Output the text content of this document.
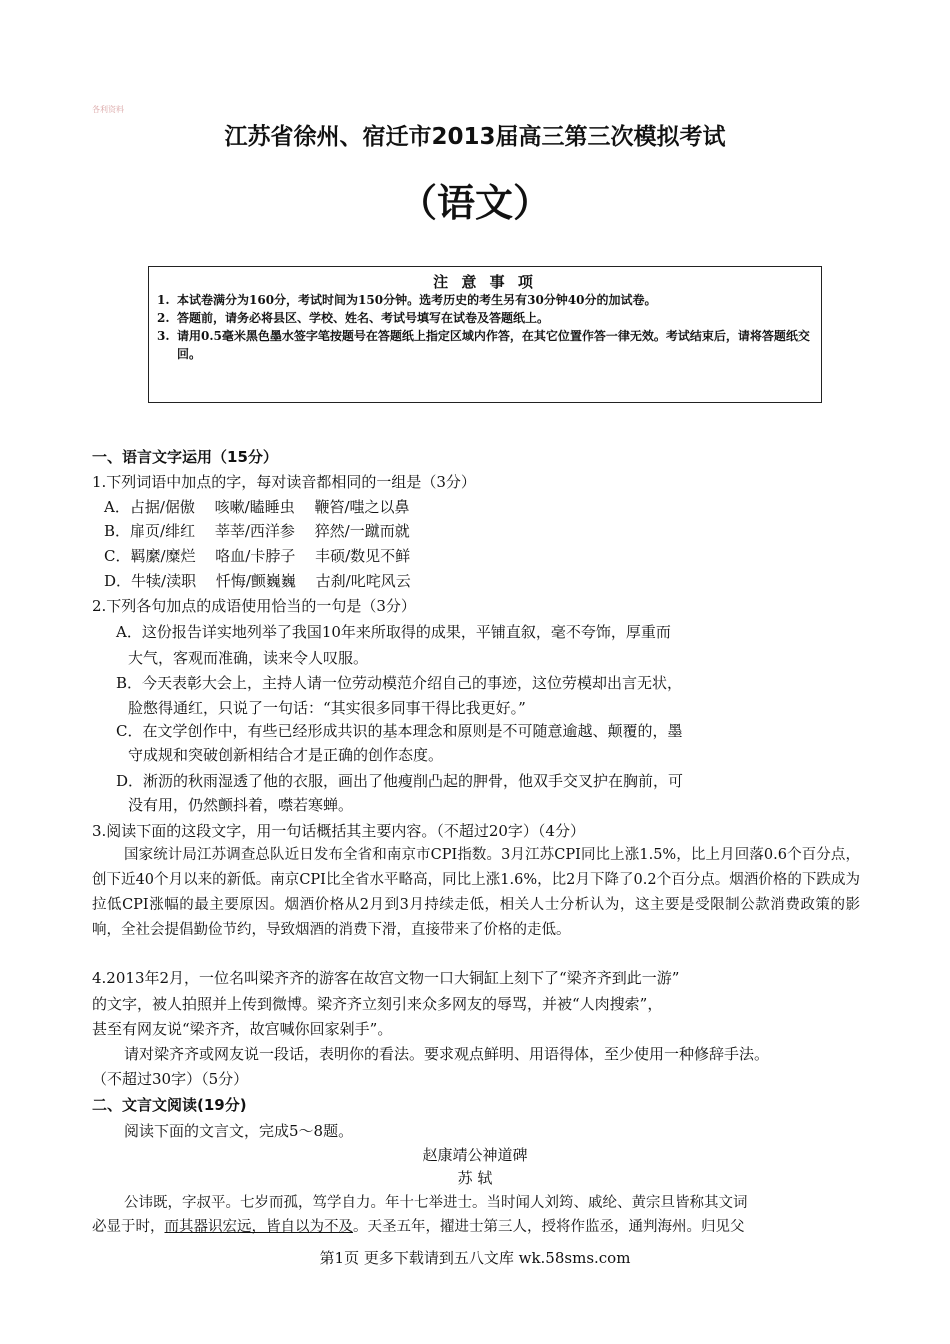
各利资料
江苏省徐州、宿迁市2013届高三第三次模拟考试
（语文）
注 意 事 项
1. 本试卷满分为160分，考试时间为150分钟。选考历史的考生另有30分钟40分的加试卷。
2. 答题前，请务必将县区、学校、姓名、考试号填写在试卷及答题纸上。
3. 请用0.5毫米黑色墨水签字笔按题号在答题纸上指定区域内作答，在其它位置作答一律无效。考试结束后，请将答题纸交回。
一、语言文字运用（15分）
1.下列词语中加点的字，每对读音都相同的一组是（3分）
A．占据/倨傲　 咳嗽/瞌睡虫　 鞭笞/嗤之以鼻
B．扉页/绯红　 莘莘/西洋参　 猝然/一蹴而就
C．羁縻/糜烂　 咯血/卡脖子　 丰硕/数见不鲜
D．牛犊/渎职　 忏悔/颤巍巍　 古刹/叱咤风云
2.下列各句加点的成语使用恰当的一句是（3分）
A．这份报告详实地列举了我国10年来所取得的成果，平铺直叙，毫不夸饰，厚重而
大气，客观而准确，读来令人叹服。
B．今天表彰大会上，主持人请一位劳动模范介绍自己的事迹，这位劳模却出言无状，
脸憋得通红，只说了一句话：“其实很多同事干得比我更好。”
C．在文学创作中，有些已经形成共识的基本理念和原则是不可随意逾越、颠覆的，墨
守成规和突破创新相结合才是正确的创作态度。
D．淅沥的秋雨湿透了他的衣服，画出了他瘦削凸起的胛骨，他双手交叉护在胸前，可
没有用，仍然颤抖着，噤若寒蝉。
3.阅读下面的这段文字，用一句话概括其主要内容。（不超过20字）（4分）
国家统计局江苏调查总队近日发布全省和南京市CPI指数。3月江苏CPI同比上涨1.5%，比上月回落0.6个百分点，创下近40个月以来的新低。南京CPI比全省水平略高，同比上涨1.6%，比2月下降了0.2个百分点。烟酒价格的下跌成为拉低CPI涨幅的最主要原因。烟酒价格从2月到3月持续走低，相关人士分析认为，这主要是受限制公款消费政策的影响，全社会提倡勤俭节约，导致烟酒的消费下滑，直接带来了价格的走低。
4.2013年2月，一位名叫梁齐齐的游客在故宫文物一口大铜缸上刻下了“梁齐齐到此一游”
的文字，被人拍照并上传到微博。梁齐齐立刻引来众多网友的辱骂，并被“人肉搜索”，
甚至有网友说“梁齐齐，故宫喊你回家剁手”。
请对梁齐齐或网友说一段话，表明你的看法。要求观点鲜明、用语得体，至少使用一种修辞手法。
（不超过30字）（5分）
二、文言文阅读(19分)
阅读下面的文言文，完成5～8题。
赵康靖公神道碑
苏 轼
公讳既，字叔平。七岁而孤，笃学自力。年十七举进士。当时闻人刘筠、戚纶、黄宗旦皆称其文词
必显于时，而其器识宏远，皆自以为不及。天圣五年，擢进士第三人，授将作监丞，通判海州。归见父
第1页 更多下载请到五八文库 wk.58sms.com
